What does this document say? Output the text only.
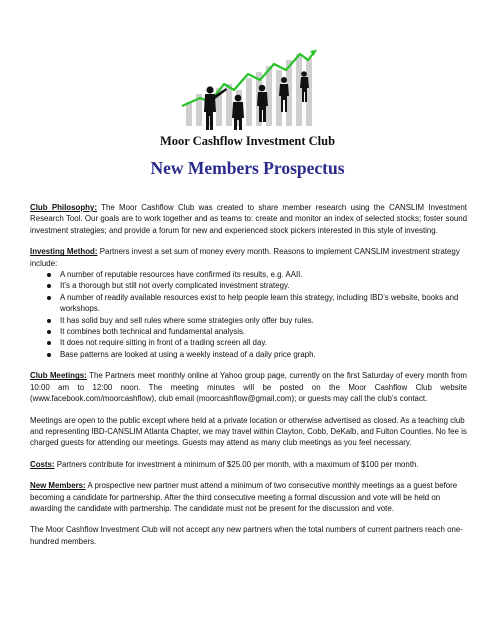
Moor Cashflow Investment Club
New Members Prospectus

Club Philosophy: The Moor Cashflow Club was created to share member research using the CANSLIM Investment Research Tool. Our goals are to work together and as teams to: create and monitor an index of selected stocks; foster sound investment strategies; and provide a forum for new and experienced stock pickers interested in this style of investing.

Investing Method: Partners invest a set sum of money every month. Reasons to implement CANSLIM investment strategy include:

A number of reputable resources have confirmed its results, e.g. AAII.
It’s a thorough but still not overly complicated investment strategy.
A number of readily available resources exist to help people learn this strategy, including IBD’s website, books and workshops.
It has solid buy and sell rules where some strategies only offer buy rules.
It combines both technical and fundamental analysis.
It does not require sitting in front of a trading screen all day.
Base patterns are looked at using a weekly instead of a daily price graph.

Club Meetings: The Partners meet monthly online at Yahoo group page, currently on the first Saturday of every month from 10:00 am to 12:00 noon. The meeting minutes will be posted on the Moor Cashflow Club website (www.facebook.com/moorcashflow), club email (moorcashflow@gmail.com); or guests may call the club’s contact.

Meetings are open to the public except where held at a private location or otherwise advertised as closed. As a teaching club and representing IBD-CANSLIM Atlanta Chapter, we may travel within Clayton, Cobb, DeKalb, and Fulton Counties. No fee is charged guests for attending our meetings. Guests may attend as many club meetings as you feel necessary.

Costs: Partners contribute for investment a minimum of $25.00 per month, with a maximum of $100 per month.

New Members: A prospective new partner must attend a minimum of two consecutive monthly meetings as a guest before becoming a candidate for partnership. After the third consecutive meeting a formal discussion and vote will be held on awarding the candidate with partnership. The candidate must not be present for the discussion and vote.

The Moor Cashflow Investment Club will not accept any new partners when the total numbers of current partners reach one-hundred members.
